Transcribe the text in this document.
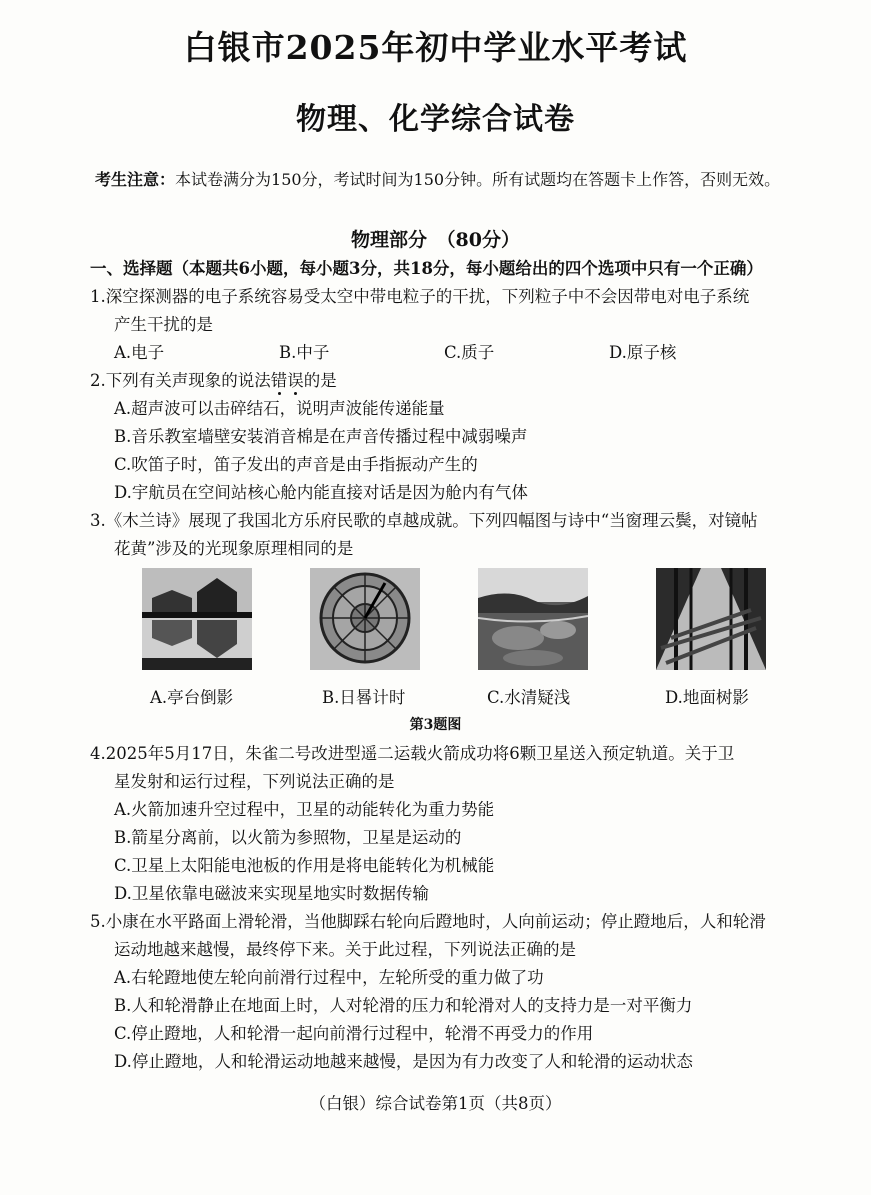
白银市2025年初中学业水平考试
物理、化学综合试卷
考生注意：本试卷满分为150分，考试时间为150分钟。所有试题均在答题卡上作答，否则无效。
物理部分　（80分）
一、选择题（本题共6小题，每小题3分，共18分，每小题给出的四个选项中只有一个正确）
1.深空探测器的电子系统容易受太空中带电粒子的干扰，下列粒子中不会因带电对电子系统
产生干扰的是
A.电子	B.中子	C.质子	D.原子核
2.下列有关声现象的说法错误的是
A.超声波可以击碎结石，说明声波能传递能量
B.音乐教室墙壁安装消音棉是在声音传播过程中减弱噪声
C.吹笛子时，笛子发出的声音是由手指振动产生的
D.宇航员在空间站核心舱内能直接对话是因为舱内有气体
3.《木兰诗》展现了我国北方乐府民歌的卓越成就。下列四幅图与诗中“当窗理云鬓，对镜帖
花黄”涉及的光现象原理相同的是
A.亭台倒影	B.日晷计时	C.水清疑浅	D.地面树影
第3题图
4.2025年5月17日，朱雀二号改进型遥二运载火箭成功将6颗卫星送入预定轨道。关于卫
星发射和运行过程，下列说法正确的是
A.火箭加速升空过程中，卫星的动能转化为重力势能
B.箭星分离前，以火箭为参照物，卫星是运动的
C.卫星上太阳能电池板的作用是将电能转化为机械能
D.卫星依靠电磁波来实现星地实时数据传输
5.小康在水平路面上滑轮滑，当他脚踩右轮向后蹬地时，人向前运动；停止蹬地后，人和轮滑
运动地越来越慢，最终停下来。关于此过程，下列说法正确的是
A.右轮蹬地使左轮向前滑行过程中，左轮所受的重力做了功
B.人和轮滑静止在地面上时，人对轮滑的压力和轮滑对人的支持力是一对平衡力
C.停止蹬地，人和轮滑一起向前滑行过程中，轮滑不再受力的作用
D.停止蹬地，人和轮滑运动地越来越慢，是因为有力改变了人和轮滑的运动状态
（白银）综合试卷第1页（共8页）
